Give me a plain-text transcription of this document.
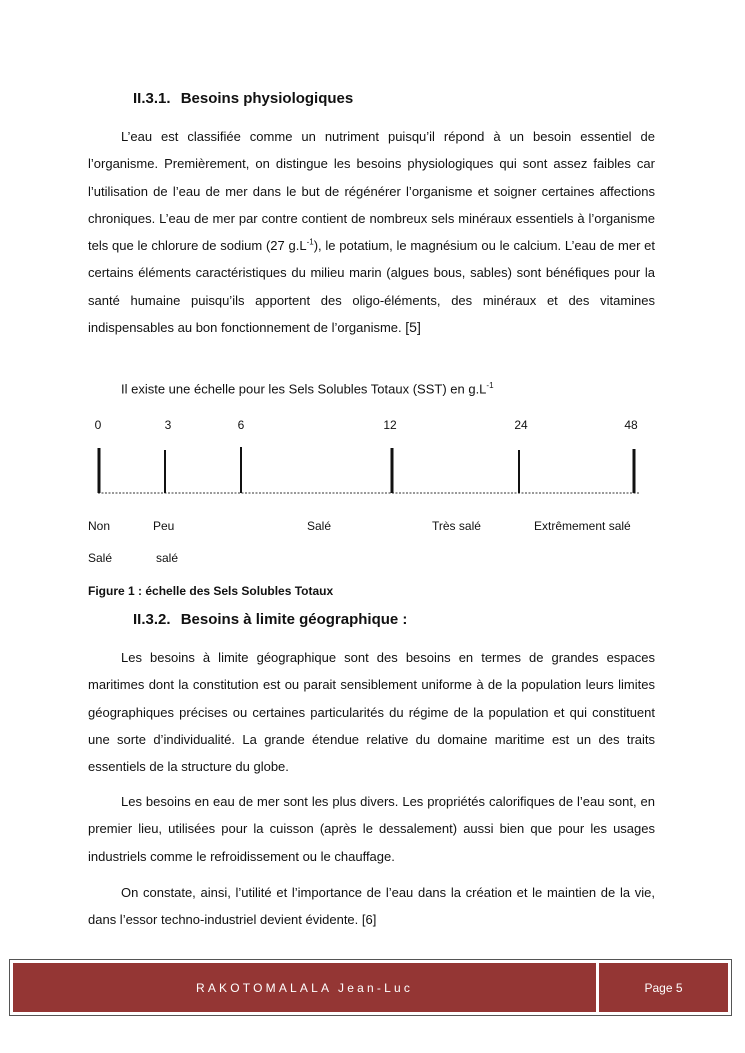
II.3.1. Besoins physiologiques
L’eau est classifiée comme un nutriment puisqu’il répond à un besoin essentiel de l’organisme. Premièrement, on distingue les besoins physiologiques qui sont assez faibles car l’utilisation de l’eau de mer dans le but de régénérer l’organisme et soigner certaines affections chroniques. L’eau de mer par contre contient de nombreux sels minéraux essentiels à l’organisme tels que le chlorure de sodium (27 $g.L^{-1}$), le potatium, le magnésium ou le calcium. L’eau de mer et certains éléments caractéristiques du milieu marin (algues bous, sables) sont bénéfiques pour la santé humaine puisqu’ils apportent des oligo-éléments, des minéraux et des vitamines indispensables au bon fonctionnement de l’organisme. [5]
Il existe une échelle pour les Sels Solubles Totaux (SST) en $g.L^{-1}$
0	3	6	12	24	48
Non
Salé
Peu
salé
Salé	Très salé	Extrêmement salé
Figure 1 : échelle des Sels Solubles Totaux
II.3.2. Besoins à limite géographique :
Les besoins à limite géographique sont des besoins en termes de grandes espaces maritimes dont la constitution est ou parait sensiblement uniforme à de la population leurs limites géographiques précises ou certaines particularités du régime de la population et qui constituent une sorte d’individualité. La grande étendue relative du domaine maritime est un des traits essentiels de la structure du globe.
Les besoins en eau de mer sont les plus divers. Les propriétés calorifiques de l’eau sont, en premier lieu, utilisées pour la cuisson (après le dessalement) aussi bien que pour les usages industriels comme le refroidissement ou le chauffage.
On constate, ainsi, l’utilité et l’importance de l’eau dans la création et le maintien de la vie, dans l’essor techno-industriel devient évidente. [6]
RAKOTOMALALA Jean-Luc	Page 5
